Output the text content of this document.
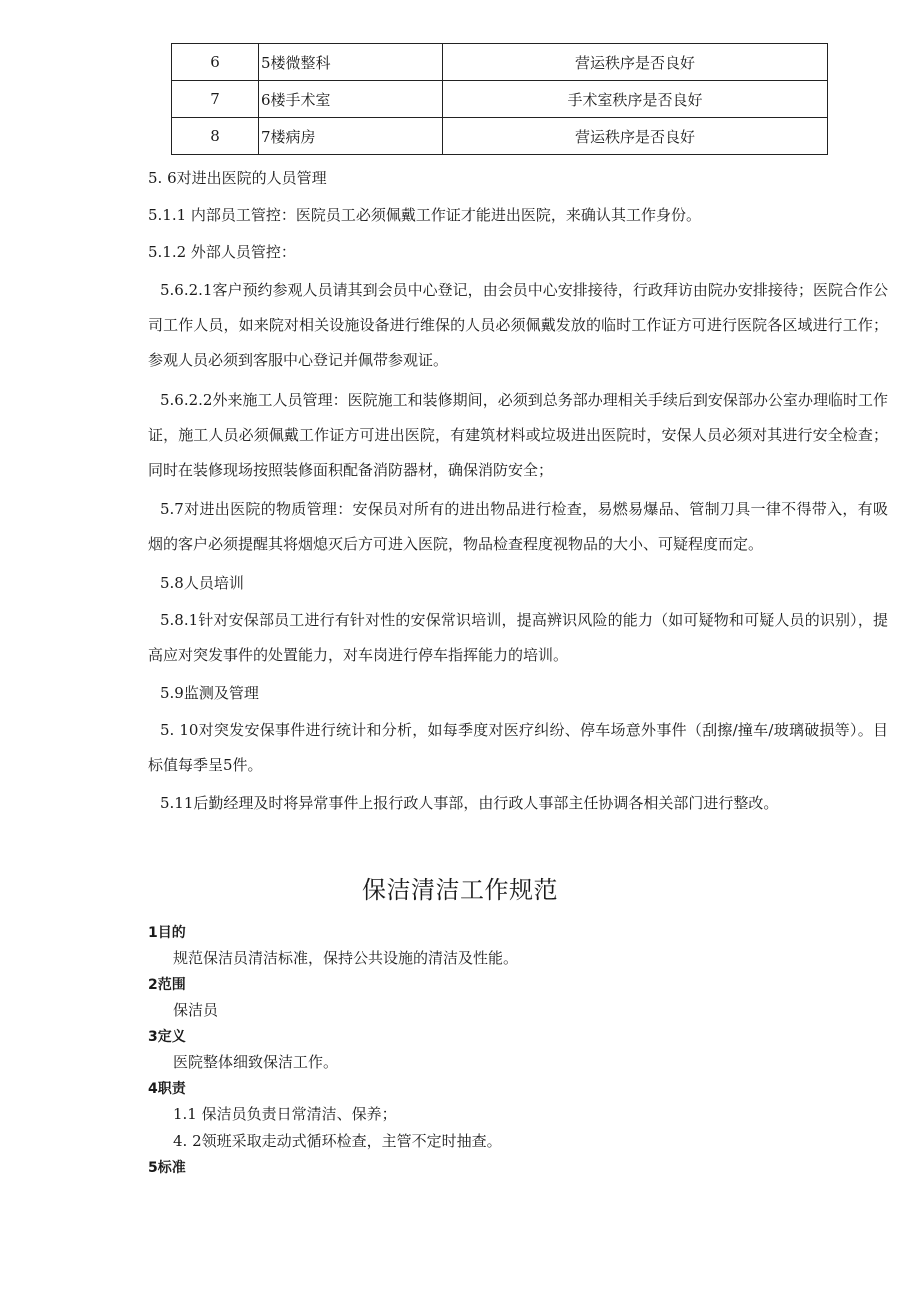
6	5楼微整科	营运秩序是否良好
7	6楼手术室	手术室秩序是否良好
8	7楼病房	营运秩序是否良好

5. 6对进出医院的人员管理

5.1.1 内部员工管控：医院员工必须佩戴工作证才能进出医院，来确认其工作身份。

5.1.2 外部人员管控：

5.6.2.1客户预约参观人员请其到会员中心登记，由会员中心安排接待，行政拜访由院办安排接待；医院合作公司工作人员，如来院对相关设施设备进行维保的人员必须佩戴发放的临时工作证方可进行医院各区域进行工作；参观人员必须到客服中心登记并佩带参观证。

5.6.2.2外来施工人员管理：医院施工和装修期间，必须到总务部办理相关手续后到安保部办公室办理临时工作证，施工人员必须佩戴工作证方可进出医院，有建筑材料或垃圾进出医院时，安保人员必须对其进行安全检查；同时在装修现场按照装修面积配备消防器材，确保消防安全；

5.7对进出医院的物质管理：安保员对所有的进出物品进行检查，易燃易爆品、管制刀具一律不得带入，有吸烟的客户必须提醒其将烟熄灭后方可进入医院，物品检查程度视物品的大小、可疑程度而定。

5.8人员培训

5.8.1针对安保部员工进行有针对性的安保常识培训，提高辨识风险的能力（如可疑物和可疑人员的识别），提高应对突发事件的处置能力，对车岗进行停车指挥能力的培训。

5.9监测及管理

5. 10对突发安保事件进行统计和分析，如每季度对医疗纠纷、停车场意外事件（刮擦/撞车/玻璃破损等）。目标值每季呈5件。

5.11后勤经理及时将异常事件上报行政人事部，由行政人事部主任协调各相关部门进行整改。

保洁清洁工作规范
1目的
规范保洁员清洁标准，保持公共设施的清洁及性能。
2范围
保洁员
3定义
医院整体细致保洁工作。
4职责
1.1 保洁员负责日常清洁、保养；
4. 2领班采取走动式循环检查，主管不定时抽查。
5标准
